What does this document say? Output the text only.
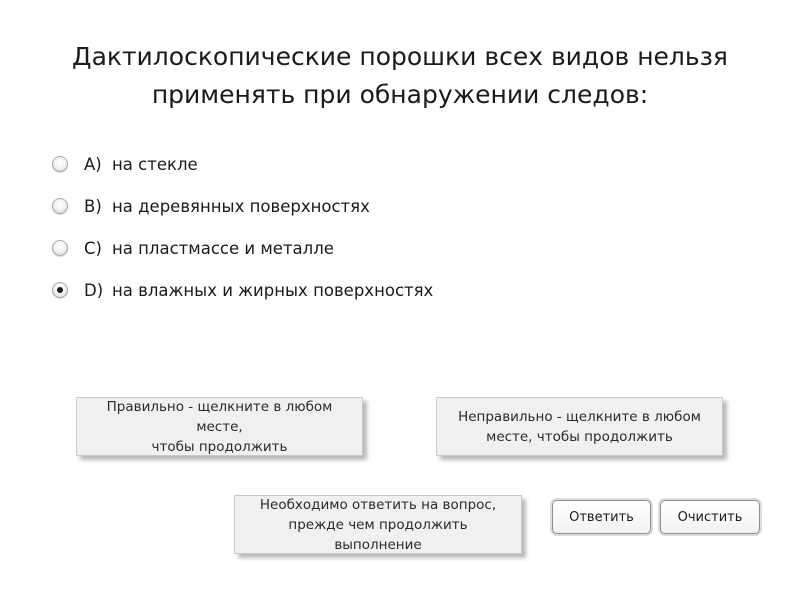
Дактилоскопические порошки всех видов нельзя
применять при обнаружении следов:
A) на стекле
B) на деревянных поверхностях
C) на пластмассе и металле
D) на влажных и жирных поверхностях
Правильно - щелкните в любом месте,
чтобы продолжить
Неправильно - щелкните в любом
месте, чтобы продолжить
Необходимо ответить на вопрос,
прежде чем продолжить выполнение
Ответить	Очистить
